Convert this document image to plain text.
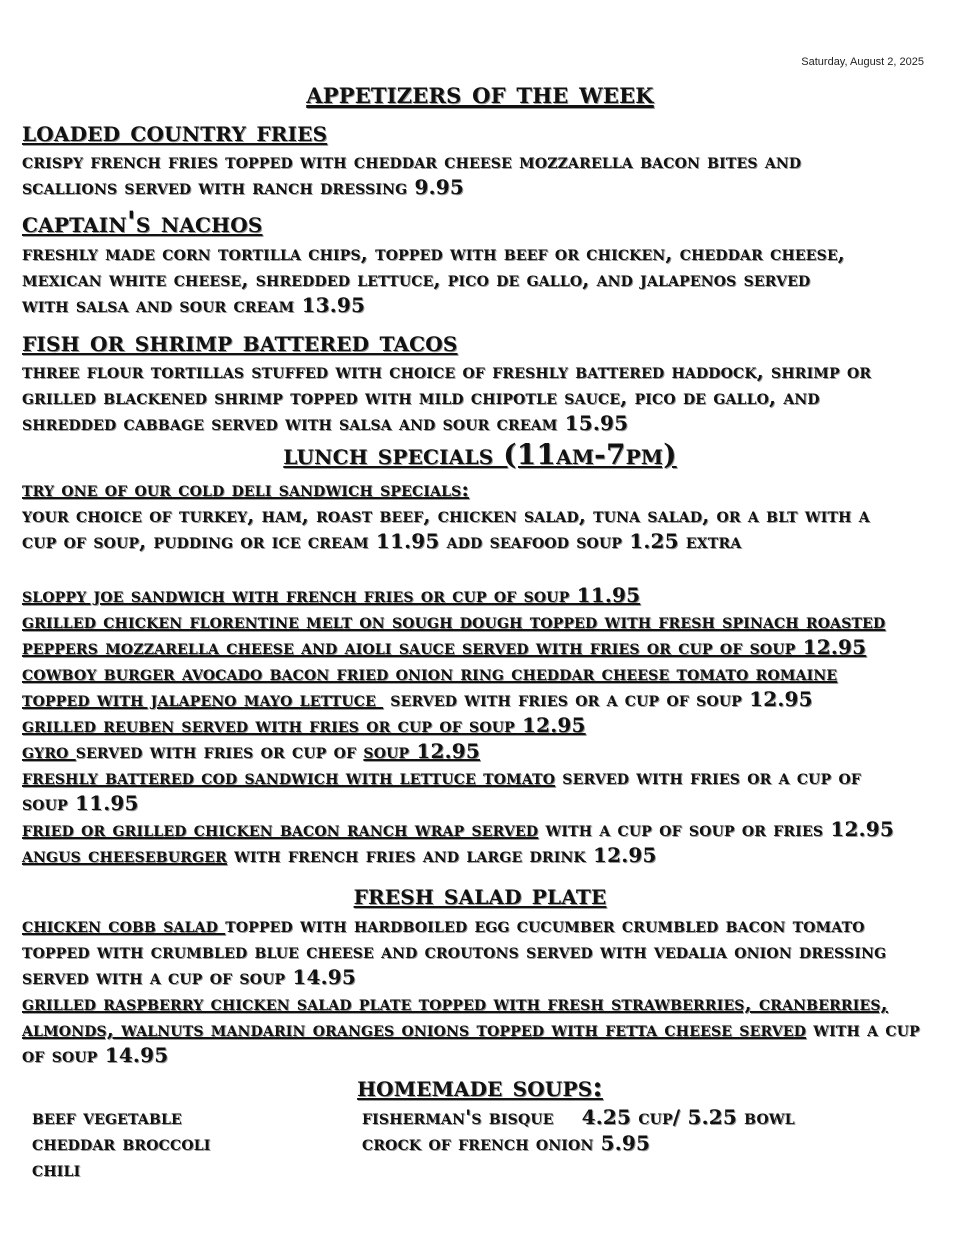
Saturday, August 2, 2025
appetizers of the week
loaded country fries
crispy french fries topped with cheddar cheese mozzarella bacon bites and
scallions served with ranch dressing 9.95
captain's nachos
freshly made corn tortilla chips, topped with beef or chicken, cheddar cheese,
mexican white cheese, shredded lettuce, pico de gallo, and jalapenos served
with salsa and sour cream 13.95
fish or shrimp battered tacos
three flour tortillas stuffed with choice of freshly battered haddock, shrimp or
grilled blackened shrimp topped with mild chipotle sauce, pico de gallo, and
shredded cabbage served with salsa and sour cream 15.95
lunch specials (11am-7pm)
try one of our cold deli sandwich specials:
your choice of turkey, ham, roast beef, chicken salad, tuna salad, or a blt with a
cup of soup, pudding or ice cream 11.95 add seafood soup 1.25 extra
sloppy joe sandwich with french fries or cup of soup 11.95
grilled chicken florentine melt on sough dough topped with fresh spinach roasted
peppers mozzarella cheese and aioli sauce served with fries or cup of soup 12.95
cowboy burger avocado bacon fried onion ring cheddar cheese tomato romaine
topped with jalapeno mayo lettuce  served with fries or a cup of soup 12.95
grilled reuben served with fries or cup of soup 12.95
gyro served with fries or cup of soup 12.95
freshly battered cod sandwich with lettuce tomato served with fries or a cup of
soup 11.95
fried or grilled chicken bacon ranch wrap served with a cup of soup or fries 12.95
angus cheeseburger with french fries and large drink 12.95
fresh salad plate
chicken cobb salad topped with hardboiled egg cucumber crumbled bacon tomato
topped with crumbled blue cheese and croutons served with vedalia onion dressing
served with a cup of soup 14.95
grilled raspberry chicken salad plate topped with fresh strawberries, cranberries,
almonds, walnuts mandarin oranges onions topped with fetta cheese served with a cup
of soup 14.95
homemade soups:
beef vegetable
cheddar broccoli
chili
fisherman's bisque 4.25 cup/ 5.25 bowl
crock of french onion 5.95
